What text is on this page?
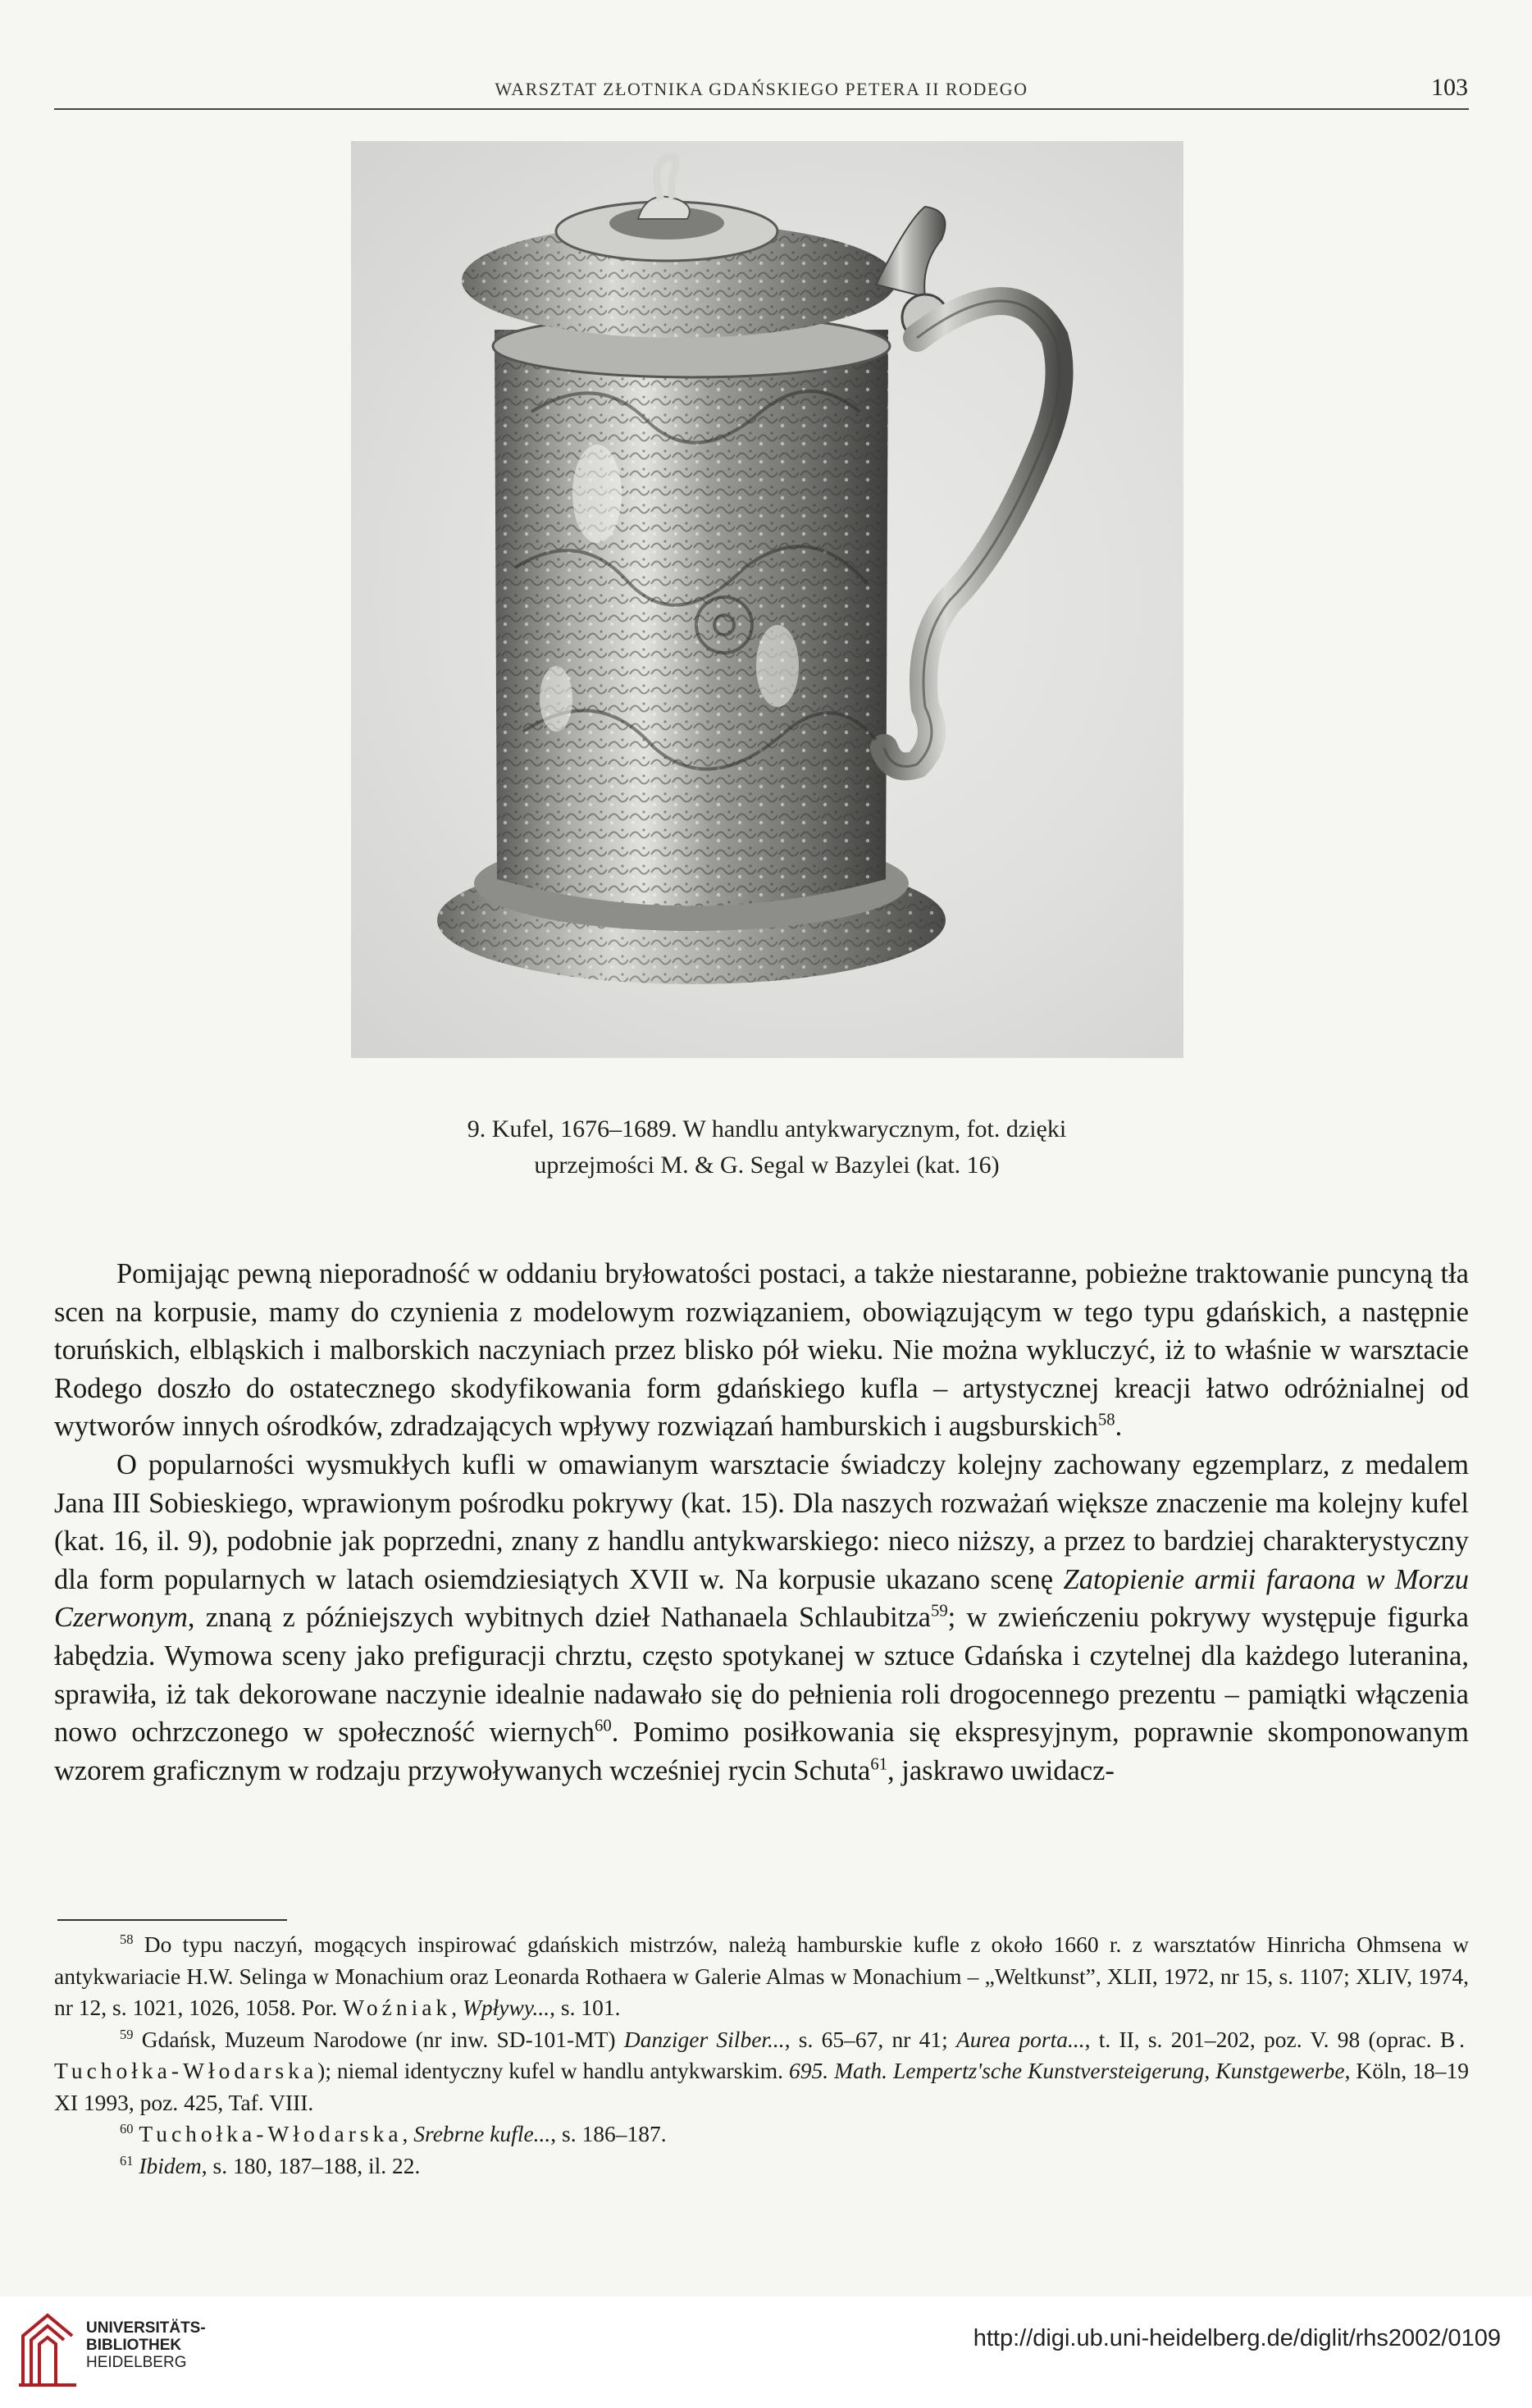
WARSZTAT ZŁOTNIKA GDAŃSKIEGO PETERA II RODEGO	103
9. Kufel, 1676–1689. W handlu antykwarycznym, fot. dzięki
uprzejmości M. & G. Segal w Bazylei (kat. 16)

Pomijając pewną nieporadność w oddaniu bryłowatości postaci, a także niestaranne, pobieżne traktowanie puncyną tła scen na korpusie, mamy do czynienia z modelowym rozwiązaniem, obowiązującym w tego typu gdańskich, a następnie toruńskich, elbląskich i malborskich naczyniach przez blisko pół wieku. Nie można wykluczyć, iż to właśnie w warsztacie Rodego doszło do ostatecznego skodyfikowania form gdańskiego kufla – artystycznej kreacji łatwo odróżnialnej od wytworów innych ośrodków, zdradzających wpływy rozwiązań hamburskich i augsburskich$^{58}$.

O popularności wysmukłych kufli w omawianym warsztacie świadczy kolejny zachowany egzemplarz, z medalem Jana III Sobieskiego, wprawionym pośrodku pokrywy (kat. 15). Dla naszych rozważań większe znaczenie ma kolejny kufel (kat. 16, il. 9), podobnie jak poprzedni, znany z handlu antykwarskiego: nieco niższy, a przez to bardziej charakterystyczny dla form popularnych w latach osiemdziesiątych XVII w. Na korpusie ukazano scenę Zatopienie armii faraona w Morzu Czerwonym, znaną z późniejszych wybitnych dzieł Nathanaela Schlaubitza$^{59}$; w zwieńczeniu pokrywy występuje figurka łabędzia. Wymowa sceny jako prefiguracji chrztu, często spotykanej w sztuce Gdańska i czytelnej dla każdego luteranina, sprawiła, iż tak dekorowane naczynie idealnie nadawało się do pełnienia roli drogocennego prezentu – pamiątki włączenia nowo ochrzczonego w społeczność wiernych$^{60}$. Pomimo posiłkowania się ekspresyjnym, poprawnie skomponowanym wzorem graficznym w rodzaju przywoływanych wcześniej rycin Schuta$^{61}$, jaskrawo uwidacz-

$^{58}$ Do typu naczyń, mogących inspirować gdańskich mistrzów, należą hamburskie kufle z około 1660 r. z warsztatów Hinricha Ohmsena w antykwariacie H.W. Selinga w Monachium oraz Leonarda Rothaera w Galerie Almas w Monachium – „Weltkunst”, XLII, 1972, nr 15, s. 1107; XLIV, 1974, nr 12, s. 1021, 1026, 1058. Por. Woźniak, Wpływy..., s. 101.

$^{59}$ Gdańsk, Muzeum Narodowe (nr inw. SD-101-MT) Danziger Silber..., s. 65–67, nr 41; Aurea porta..., t. II, s. 201–202, poz. V. 98 (oprac. B. Tuchołka-Włodarska); niemal identyczny kufel w handlu antykwarskim. 695. Math. Lempertz'sche Kunstversteigerung, Kunstgewerbe, Köln, 18–19 XI 1993, poz. 425, Taf. VIII.

$^{60}$ Tuchołka-Włodarska, Srebrne kufle..., s. 186–187.

$^{61}$ Ibidem, s. 180, 187–188, il. 22.

UNIVERSITÄTS-
BIBLIOTHEK
HEIDELBERG
http://digi.ub.uni-heidelberg.de/diglit/rhs2002/0109
